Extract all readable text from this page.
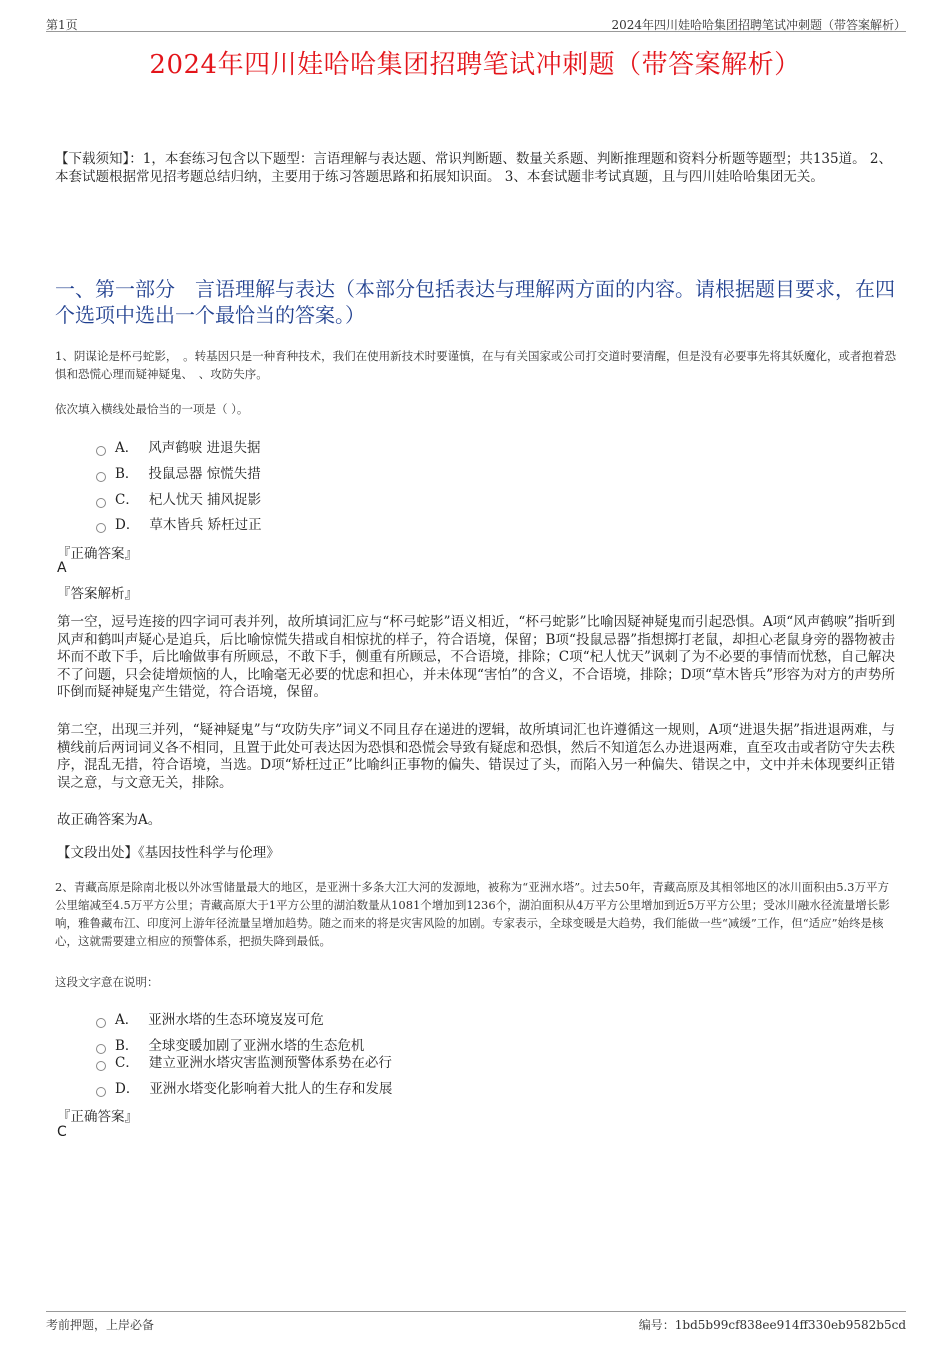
第1页	2024年四川娃哈哈集团招聘笔试冲刺题（带答案解析）
2024年四川娃哈哈集团招聘笔试冲刺题（带答案解析）
【下载须知】：1，本套练习包含以下题型：言语理解与表达题、常识判断题、数量关系题、判断推理题和资料分析题等题型；共135道。 2、本套试题根据常见招考题总结归纳，主要用于练习答题思路和拓展知识面。 3、本套试题非考试真题，且与四川娃哈哈集团无关。
一、第一部分　言语理解与表达（本部分包括表达与理解两方面的内容。请根据题目要求，在四个选项中选出一个最恰当的答案。）
1、阴谋论是杯弓蛇影，　。转基因只是一种育种技术，我们在使用新技术时要谨慎，在与有关国家或公司打交道时要清醒，但是没有必要事先将其妖魔化，或者抱着恐惧和恐慌心理而疑神疑鬼、　、攻防失序。
依次填入横线处最恰当的一项是（ ）。
A． 风声鹤唳 进退失据
B． 投鼠忌器 惊慌失措
C． 杞人忧天 捕风捉影
D． 草木皆兵 矫枉过正
『正确答案』
A
『答案解析』
第一空，逗号连接的四字词可表并列，故所填词汇应与“杯弓蛇影”语义相近，“杯弓蛇影”比喻因疑神疑鬼而引起恐惧。A项“风声鹤唳”指听到风声和鹤叫声疑心是追兵，后比喻惊慌失措或自相惊扰的样子，符合语境，保留；B项“投鼠忌器”指想掷打老鼠，却担心老鼠身旁的器物被击坏而不敢下手，后比喻做事有所顾忌，不敢下手，侧重有所顾忌，不合语境，排除；C项“杞人忧天”讽刺了为不必要的事情而忧愁，自己解决不了问题，只会徒增烦恼的人，比喻毫无必要的忧虑和担心，并未体现“害怕”的含义，不合语境，排除；D项“草木皆兵”形容为对方的声势所吓倒而疑神疑鬼产生错觉，符合语境，保留。
第二空，出现三并列，“疑神疑鬼”与“攻防失序”词义不同且存在递进的逻辑，故所填词汇也许遵循这一规则，A项“进退失据”指进退两难，与横线前后两词词义各不相同，且置于此处可表达因为恐惧和恐慌会导致有疑虑和恐惧，然后不知道怎么办进退两难，直至攻击或者防守失去秩序，混乱无措，符合语境，当选。D项“矫枉过正”比喻纠正事物的偏失、错误过了头，而陷入另一种偏失、错误之中，文中并未体现要纠正错误之意，与文意无关，排除。
故正确答案为A。
【文段出处】《基因技性科学与伦理》
2、青藏高原是除南北极以外冰雪储量最大的地区，是亚洲十多条大江大河的发源地，被称为“亚洲水塔”。过去50年，青藏高原及其相邻地区的冰川面积由5.3万平方公里缩减至4.5万平方公里；青藏高原大于1平方公里的湖泊数量从1081个增加到1236个，湖泊面积从4万平方公里增加到近5万平方公里；受冰川融水径流量增长影响，雅鲁藏布江、印度河上游年径流量呈增加趋势。随之而来的将是灾害风险的加剧。专家表示，全球变暖是大趋势，我们能做一些“减缓”工作，但“适应”始终是核心，这就需要建立相应的预警体系，把损失降到最低。
这段文字意在说明：
A． 亚洲水塔的生态环境岌岌可危
B． 全球变暖加剧了亚洲水塔的生态危机
C． 建立亚洲水塔灾害监测预警体系势在必行
D． 亚洲水塔变化影响着大批人的生存和发展
『正确答案』
C
考前押题，上岸必备	编号：1bd5b99cf838ee914ff330eb9582b5cd
